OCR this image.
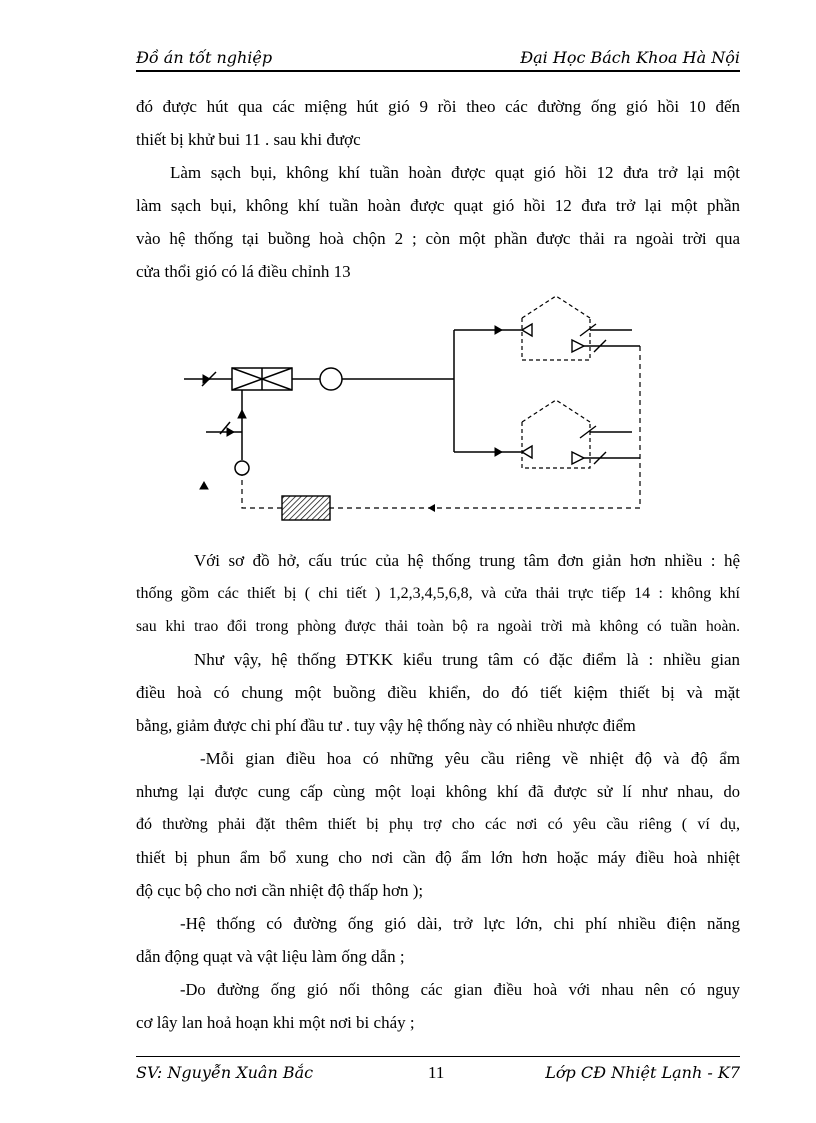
Đồ án tốt nghiệp	Đại Học Bách Khoa Hà Nội
đó được hút qua các miệng hút gió 9 rồi theo các đường ống gió hồi 10 đến
thiết bị khử bui 11 . sau khi được
Làm sạch bụi, không khí tuần hoàn được quạt gió hồi 12 đưa trở lại một
làm sạch bụi, không khí tuần hoàn được quạt gió hồi 12 đưa trở lại một phần
vào hệ thống tại buồng hoà chộn 2 ; còn một phần được thải ra ngoài trời qua
cửa thổi gió có lá điều chỉnh 13
Với sơ đồ hở, cấu trúc của hệ thống trung tâm đơn giản hơn nhiều : hệ
thống gồm các thiết bị ( chi tiết ) 1,2,3,4,5,6,8, và cửa thải trực tiếp 14 : không khí
sau khi trao đổi trong phòng được thải toàn bộ ra ngoài trời mà không có tuần hoàn.
Như vậy, hệ thống ĐTKK kiểu trung tâm có đặc điểm là : nhiều gian
điều hoà có chung một buồng điều khiển, do đó tiết kiệm thiết bị và mặt
bằng, giảm được chi phí đầu tư . tuy vậy hệ thống này có nhiều nhược điểm
-Mỗi gian điều hoa có những yêu cầu riêng về nhiệt độ và độ ẩm
nhưng lại được cung cấp cùng một loại không khí đã được sử lí như nhau, do
đó thường phải đặt thêm thiết bị phụ trợ cho các nơi có yêu cầu riêng ( ví dụ,
thiết bị phun ẩm bổ xung cho nơi cần độ ẩm lớn hơn hoặc máy điều hoà nhiệt
độ cục bộ cho nơi cần nhiệt độ thấp hơn );
-Hệ thống có đường ống gió dài, trở lực lớn, chi phí nhiều điện năng
dẫn động quạt và vật liệu làm ống dẫn ;
-Do đường ống gió nối thông các gian điều hoà với nhau nên có nguy
cơ lây lan hoả hoạn khi một nơi bi cháy ;
SV: Nguyễn Xuân Bắc	11	Lớp CĐ Nhiệt Lạnh - K7
